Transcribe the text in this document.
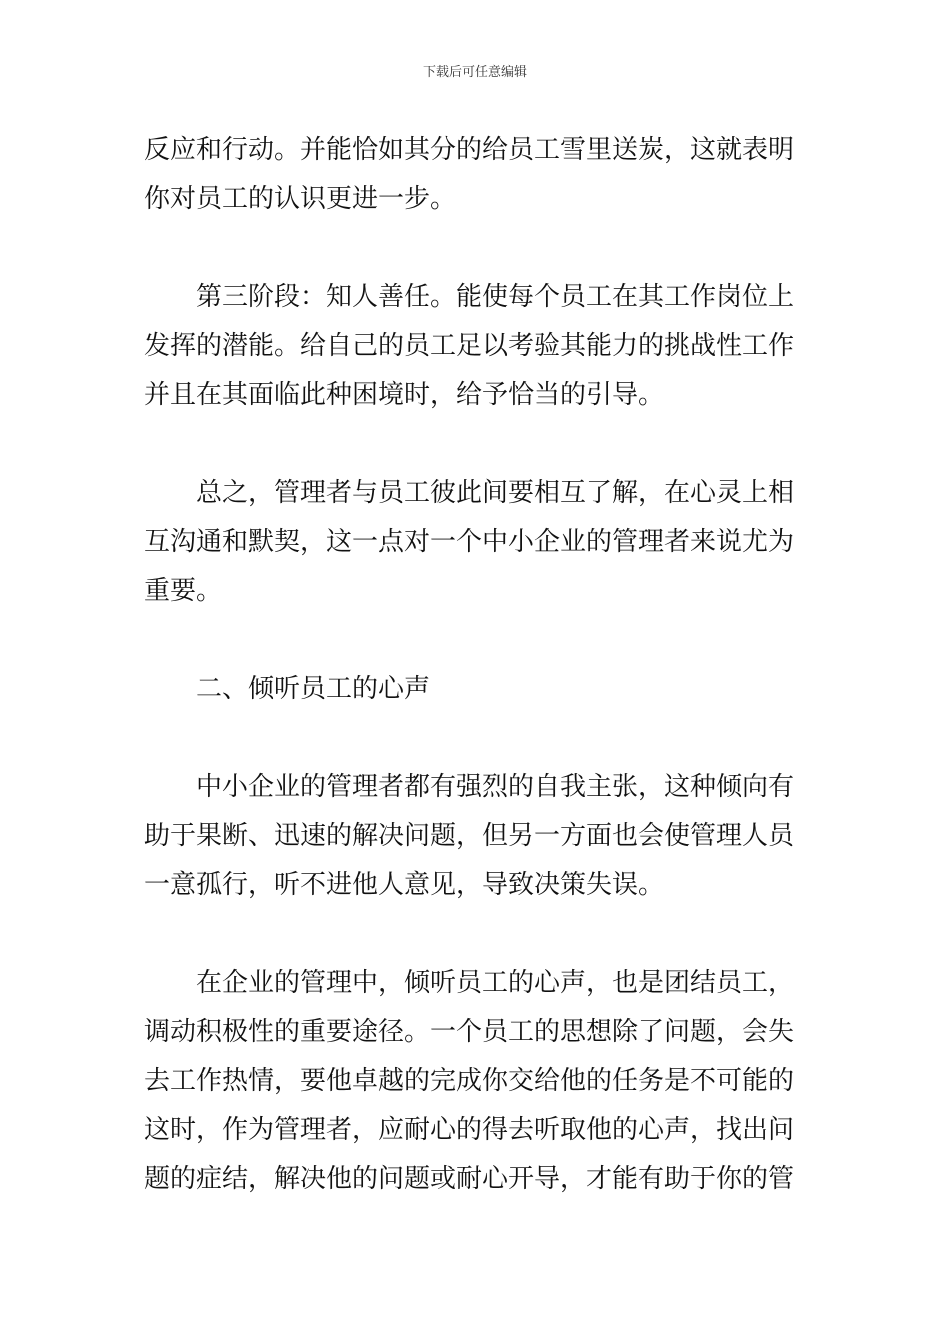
下载后可任意编辑
反应和行动。并能恰如其分的给员工雪里送炭，这就表明
你对员工的认识更进一步。
第三阶段：知人善任。能使每个员工在其工作岗位上
发挥的潜能。给自己的员工足以考验其能力的挑战性工作
并且在其面临此种困境时，给予恰当的引导。
总之，管理者与员工彼此间要相互了解，在心灵上相
互沟通和默契，这一点对一个中小企业的管理者来说尤为
重要。
二、倾听员工的心声
中小企业的管理者都有强烈的自我主张，这种倾向有
助于果断、迅速的解决问题，但另一方面也会使管理人员
一意孤行，听不进他人意见，导致决策失误。
在企业的管理中，倾听员工的心声，也是团结员工，
调动积极性的重要途径。一个员工的思想除了问题，会失
去工作热情，要他卓越的完成你交给他的任务是不可能的
这时，作为管理者，应耐心的得去听取他的心声，找出问
题的症结，解决他的问题或耐心开导，才能有助于你的管
